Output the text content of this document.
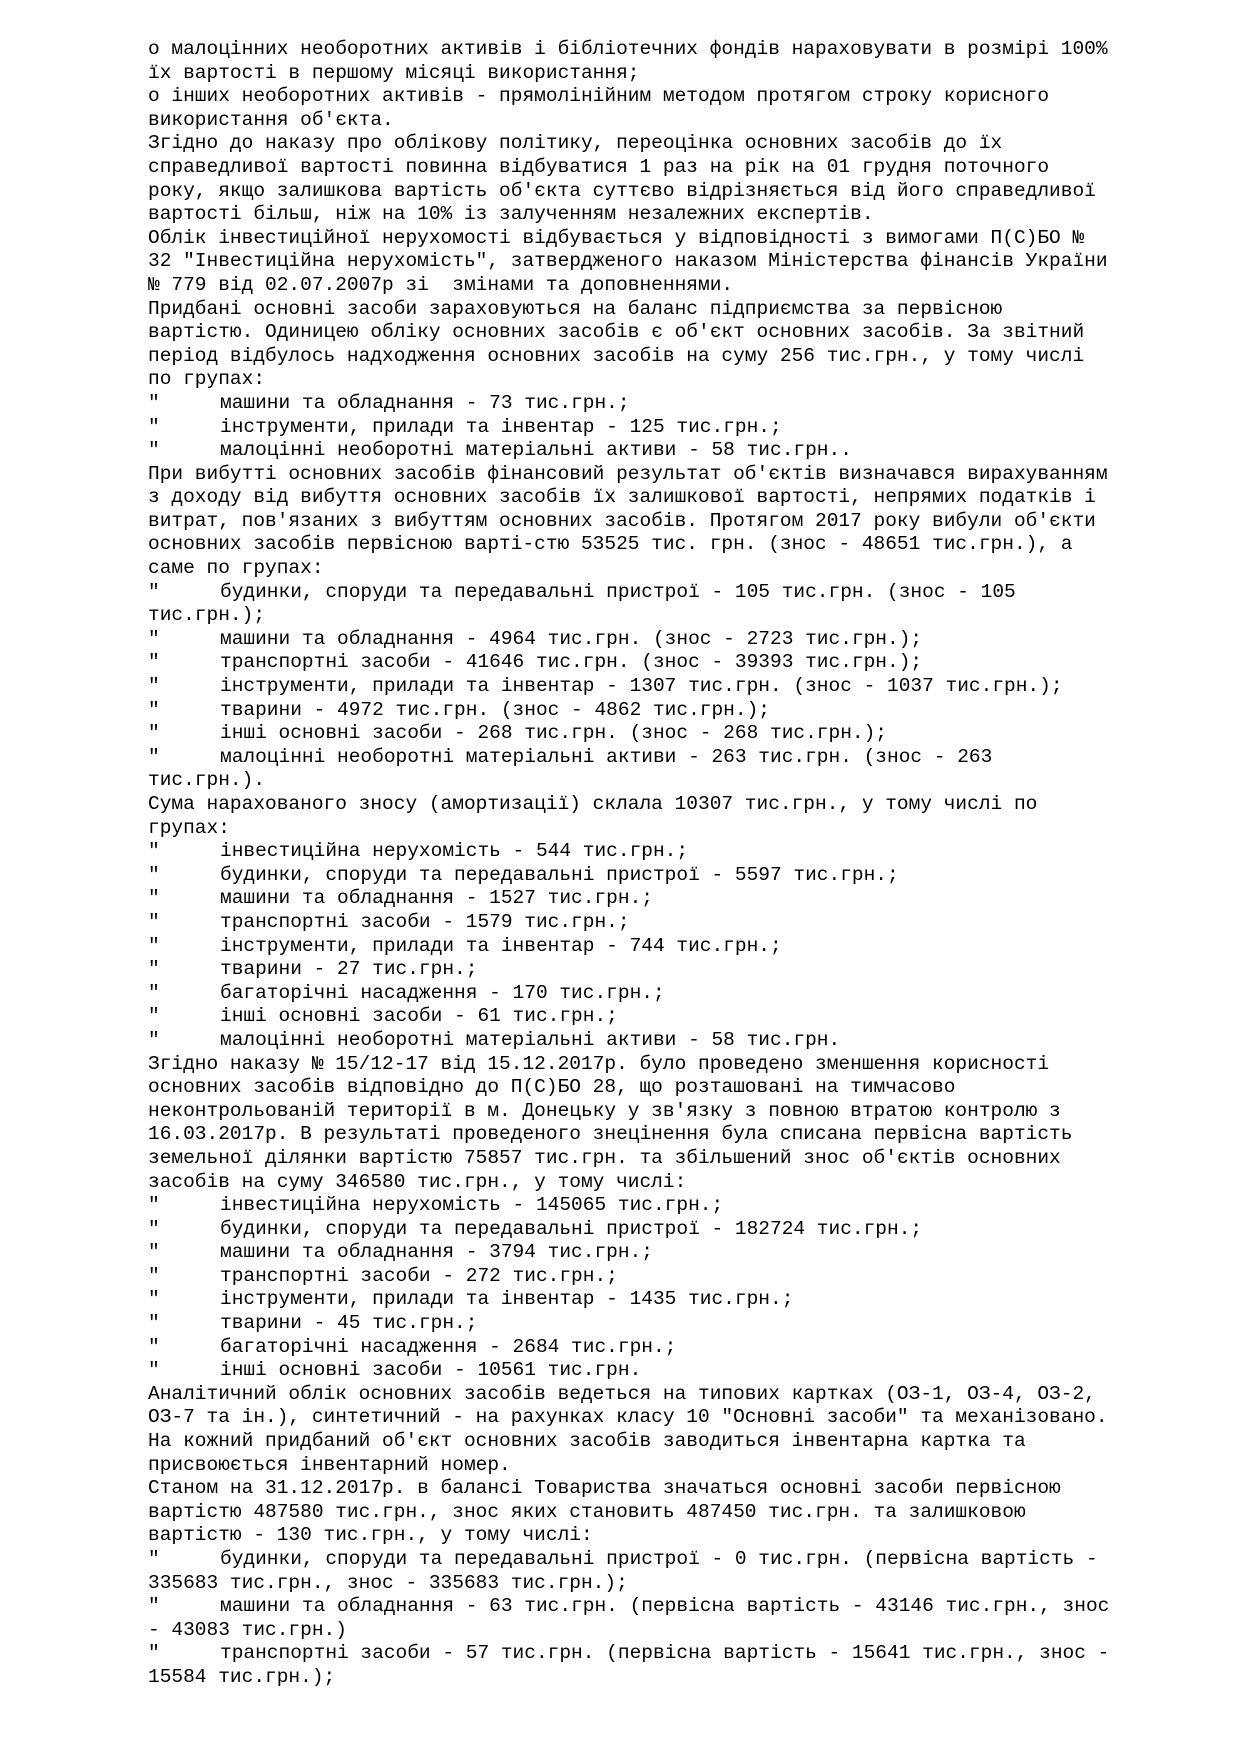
о малоцінних необоротних активів і бібліотечних фондів нараховувати в розмірі 100%
їх вартості в першому місяці використання;
о інших необоротних активів - прямолінійним методом протягом строку корисного
використання об'єкта.
Згідно до наказу про облікову політику, переоцінка основних засобів до їх
справедливої вартості повинна відбуватися 1 раз на рік на 01 грудня поточного
року, якщо залишкова вартість об'єкта суттєво відрізняється від його справедливої
вартості більш, ніж на 10% із залученням незалежних експертів.
Облік інвестиційної нерухомості відбувається у відповідності з вимогами П(С)БО №
32 "Інвестиційна нерухомість", затвердженого наказом Міністерства фінансів України
№ 779 від 02.07.2007р зі  змінами та доповненнями.
Придбані основні засоби зараховуються на баланс підприємства за первісною
вартістю. Одиницею обліку основних засобів є об'єкт основних засобів. За звітний
період відбулось надходження основних засобів на суму 256 тис.грн., у тому числі
по групах:
"	машини та обладнання - 73 тис.грн.;
"	інструменти, прилади та інвентар - 125 тис.грн.;
"	малоцінні необоротні матеріальні активи - 58 тис.грн..
При вибутті основних засобів фінансовий результат об'єктів визначався вирахуванням
з доходу від вибуття основних засобів їх залишкової вартості, непрямих податків і
витрат, пов'язаних з вибуттям основних засобів. Протягом 2017 року вибули об'єкти
основних засобів первісною варті-стю 53525 тис. грн. (знос - 48651 тис.грн.), а
саме по групах:
"	будинки, споруди та передавальні пристрої - 105 тис.грн. (знос - 105
тис.грн.);
"	машини та обладнання - 4964 тис.грн. (знос - 2723 тис.грн.);
"	транспортні засоби - 41646 тис.грн. (знос - 39393 тис.грн.);
"	інструменти, прилади та інвентар - 1307 тис.грн. (знос - 1037 тис.грн.);
"	тварини - 4972 тис.грн. (знос - 4862 тис.грн.);
"	інші основні засоби - 268 тис.грн. (знос - 268 тис.грн.);
"	малоцінні необоротні матеріальні активи - 263 тис.грн. (знос - 263
тис.грн.).
Сума нарахованого зносу (амортизації) склала 10307 тис.грн., у тому числі по
групах:
"	інвестиційна нерухомість - 544 тис.грн.;
"	будинки, споруди та передавальні пристрої - 5597 тис.грн.;
"	машини та обладнання - 1527 тис.грн.;
"	транспортні засоби - 1579 тис.грн.;
"	інструменти, прилади та інвентар - 744 тис.грн.;
"	тварини - 27 тис.грн.;
"	багаторічні насадження - 170 тис.грн.;
"	інші основні засоби - 61 тис.грн.;
"	малоцінні необоротні матеріальні активи - 58 тис.грн.
Згідно наказу № 15/12-17 від 15.12.2017р. було проведено зменшення корисності
основних засобів відповідно до П(С)БО 28, що розташовані на тимчасово
неконтрольованій території в м. Донецьку у зв'язку з повною втратою контролю з
16.03.2017р. В результаті проведеного знецінення була списана первісна вартість
земельної ділянки вартістю 75857 тис.грн. та збільшений знос об'єктів основних
засобів на суму 346580 тис.грн., у тому числі:
"	інвестиційна нерухомість - 145065 тис.грн.;
"	будинки, споруди та передавальні пристрої - 182724 тис.грн.;
"	машини та обладнання - 3794 тис.грн.;
"	транспортні засоби - 272 тис.грн.;
"	інструменти, прилади та інвентар - 1435 тис.грн.;
"	тварини - 45 тис.грн.;
"	багаторічні насадження - 2684 тис.грн.;
"	інші основні засоби - 10561 тис.грн.
Аналітичний облік основних засобів ведеться на типових картках (ОЗ-1, ОЗ-4, ОЗ-2,
ОЗ-7 та ін.), синтетичний - на рахунках класу 10 "Основні засоби" та механізовано.
На кожний придбаний об'єкт основних засобів заводиться інвентарна картка та
присвоюється інвентарний номер.
Станом на 31.12.2017р. в балансі Товариства значаться основні засоби первісною
вартістю 487580 тис.грн., знос яких становить 487450 тис.грн. та залишковою
вартістю - 130 тис.грн., у тому числі:
"	будинки, споруди та передавальні пристрої - 0 тис.грн. (первісна вартість -
335683 тис.грн., знос - 335683 тис.грн.);
"	машини та обладнання - 63 тис.грн. (первісна вартість - 43146 тис.грн., знос
- 43083 тис.грн.)
"	транспортні засоби - 57 тис.грн. (первісна вартість - 15641 тис.грн., знос -
15584 тис.грн.);
